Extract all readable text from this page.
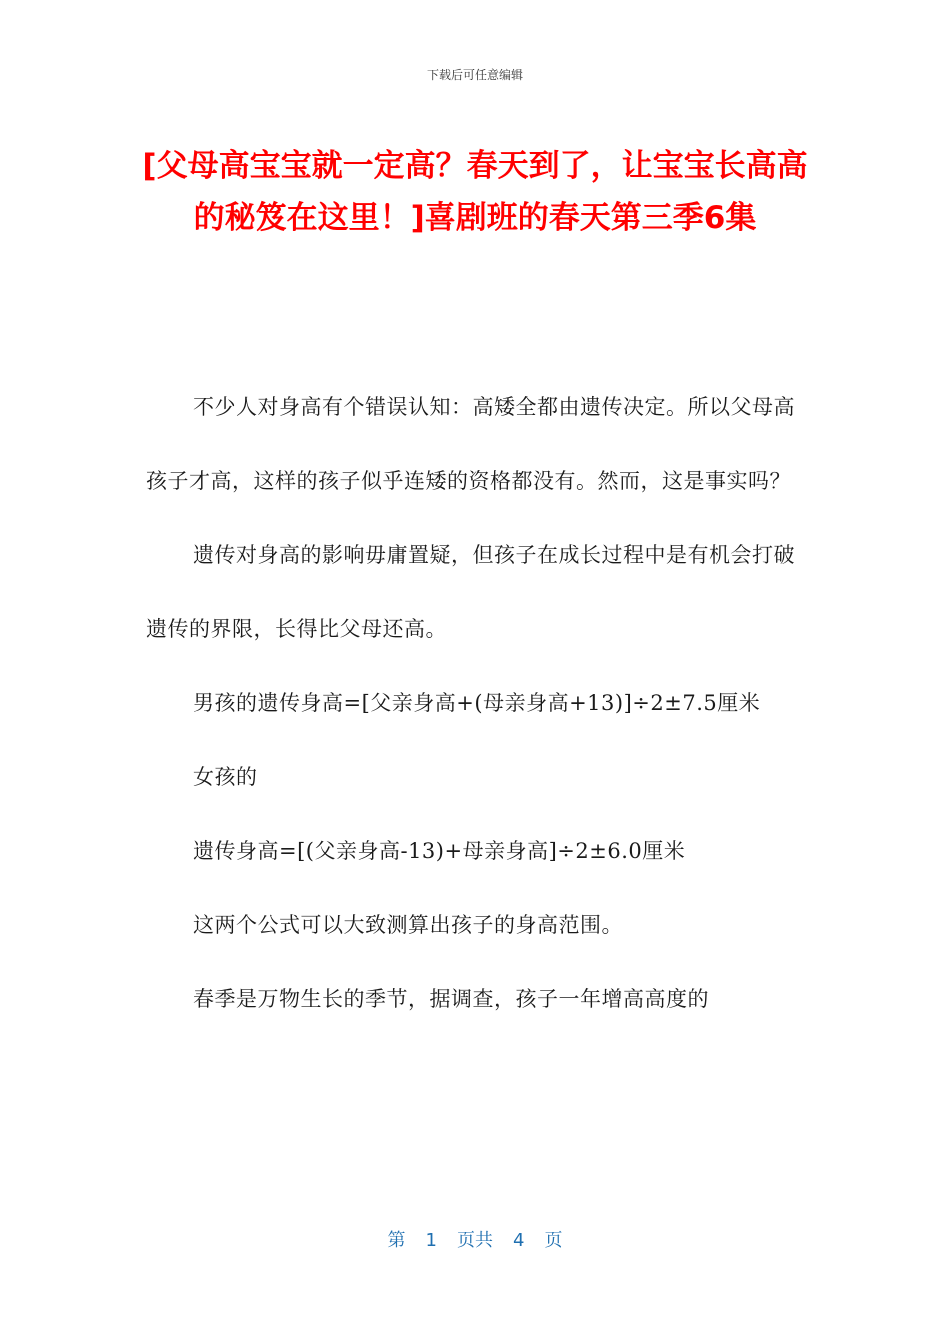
下载后可任意编辑
[父母高宝宝就一定高？春天到了，让宝宝长高高的秘笈在这里！]喜剧班的春天第三季6集

不少人对身高有个错误认知：高矮全都由遗传决定。所以父母高孩子才高，这样的孩子似乎连矮的资格都没有。然而，这是事实吗？

遗传对身高的影响毋庸置疑，但孩子在成长过程中是有机会打破遗传的界限，长得比父母还高。

男孩的遗传身高=[父亲身高+(母亲身高+13)]÷2±7.5厘米

女孩的

遗传身高=[(父亲身高-13)+母亲身高]÷2±6.0厘米

这两个公式可以大致测算出孩子的身高范围。

春季是万物生长的季节，据调查，孩子一年增高高度的

第 1 页共 4 页
